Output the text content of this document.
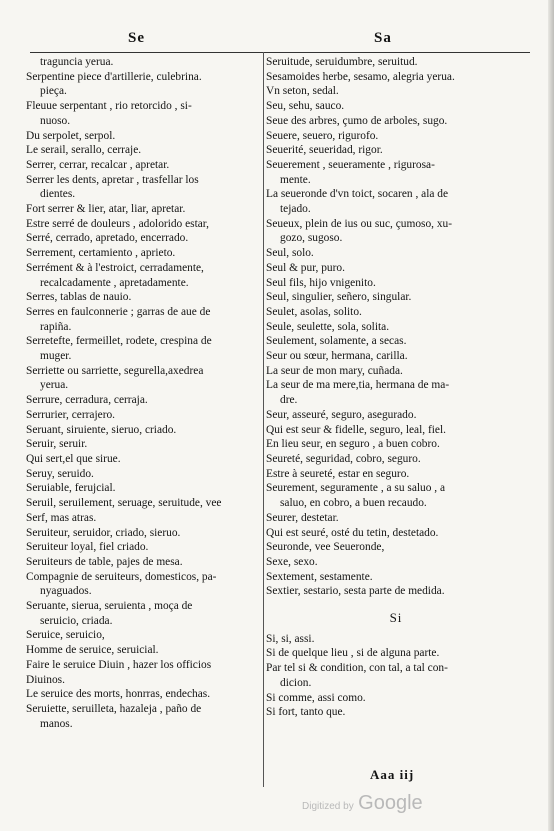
Se	Sa
traguncia yerua.
Serpentine piece d'artillerie, culebrina.
pieça.
Fleuue serpentant , rio retorcido , si-
nuoso.
Du serpolet, serpol.
Le serail, serallo, cerraje.
Serrer, cerrar, recalcar , apretar.
Serrer les dents, apretar , trasfellar los
dientes.
Fort serrer & lier, atar, liar, apretar.
Estre serré de douleurs , adolorido estar,
Serré, cerrado, apretado, encerrado.
Serrement, certamiento , aprieto.
Serrément & à l'estroict, cerradamente,
recalcadamente , apretadamente.
Serres, tablas de nauio.
Serres en faulconnerie ; garras de aue de
rapiña.
Serretefte, fermeillet, rodete, crespina de
muger.
Serriette ou sarriette, segurella,axedrea
yerua.
Serrure, cerradura, cerraja.
Serrurier, cerrajero.
Seruant, siruiente, sieruo, criado.
Seruir, seruir.
Qui sert,el que sirue.
Seruy, seruido.
Seruiable, ferujcial.
Seruil, seruilement, seruage, seruitude, vee
Serf, mas atras.
Seruiteur, seruidor, criado, sieruo.
Seruiteur loyal, fiel criado.
Seruiteurs de table, pajes de mesa.
Compagnie de seruiteurs, domesticos, pa-
nyaguados.
Seruante, sierua, seruienta , moça de
seruicio, criada.
Seruice, seruicio,
Homme de seruice, seruicial.
Faire le seruice Diuin , hazer los officios
Diuinos.
Le seruice des morts, honrras, endechas.
Seruiette, seruilleta, hazaleja , paño de
manos.
Seruitude, seruidumbre, seruitud.
Sesamoides herbe, sesamo, alegria yerua.
Vn seton, sedal.
Seu, sehu, sauco.
Seue des arbres, çumo de arboles, sugo.
Seuere, seuero, rigurofo.
Seuerité, seueridad, rigor.
Seuerement , seueramente , rigurosa-
mente.
La seueronde d'vn toict, socaren , ala de
tejado.
Seueux, plein de ius ou suc, çumoso, xu-
gozo, sugoso.
Seul, solo.
Seul & pur, puro.
Seul fils, hijo vnigenito.
Seul, singulier, señero, singular.
Seulet, asolas, solito.
Seule, seulette, sola, solita.
Seulement, solamente, a secas.
Seur ou sœur, hermana, carilla.
La seur de mon mary, cuñada.
La seur de ma mere,tia, hermana de ma-
dre.
Seur, asseuré, seguro, asegurado.
Qui est seur & fidelle, seguro, leal, fiel.
En lieu seur, en seguro , a buen cobro.
Seureté, seguridad, cobro, seguro.
Estre à seureté, estar en seguro.
Seurement, seguramente , a su saluo , a
saluo, en cobro, a buen recaudo.
Seurer, destetar.
Qui est seuré, osté du tetin, destetado.
Seuronde, vee Seueronde,
Sexe, sexo.
Sextement, sestamente.
Sextier, sestario, sesta parte de medida.
Si
Si, si, assi.
Si de quelque lieu , si de alguna parte.
Par tel si & condition, con tal, a tal con-
dicion.
Si comme, assi como.
Si fort, tanto que.
Aaa iij
Digitized by Google
